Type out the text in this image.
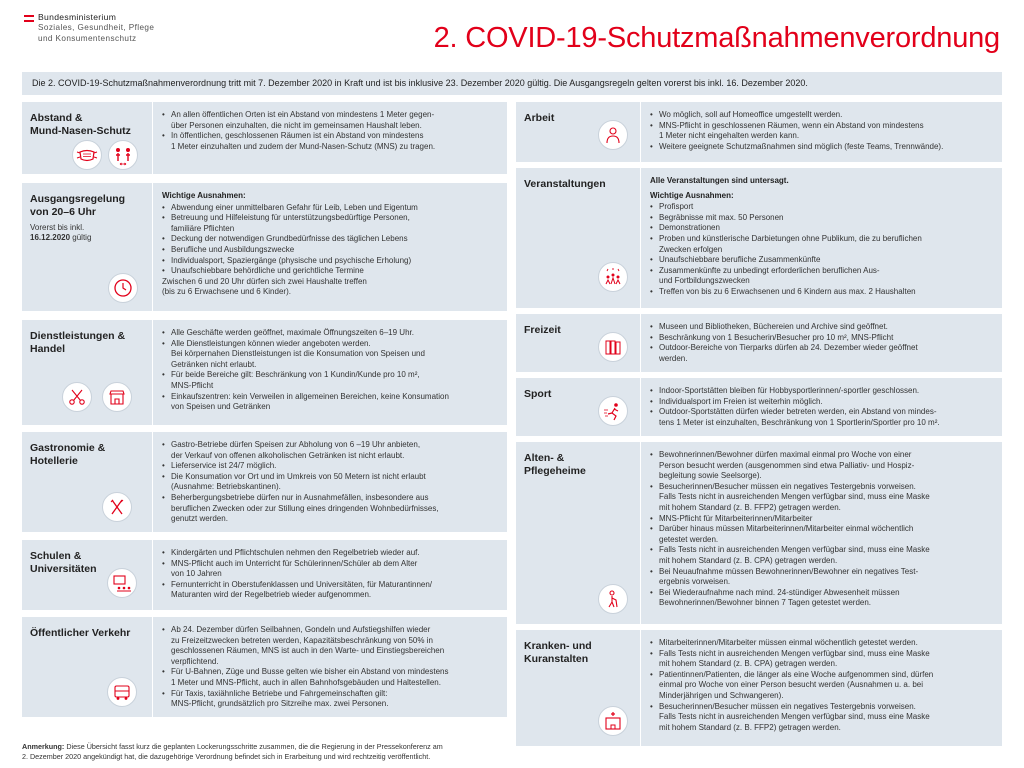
Bundesministerium
Soziales, Gesundheit, Pflege
und Konsumentenschutz	2. COVID-19-Schutzmaßnahmenverordnung
Die 2. COVID-19-Schutzmaßnahmenverordnung tritt mit 7. Dezember 2020 in Kraft und ist bis inklusive 23. Dezember 2020 gültig. Die Ausgangsregeln gelten vorerst bis inkl. 16. Dezember 2020.
Abstand &
Mund-Nasen-Schutz
• An allen öffentlichen Orten ist ein Abstand von mindestens 1 Meter gegen-
über Personen einzuhalten, die nicht im gemeinsamen Haushalt leben.
• In öffentlichen, geschlossenen Räumen ist ein Abstand von mindestens
1 Meter einzuhalten und zudem der Mund-Nasen-Schutz (MNS) zu tragen.
Ausgangsregelung
von 20–6 Uhr
Vorerst bis inkl.
16.12.2020 gültig
Wichtige Ausnahmen:
• Abwendung einer unmittelbaren Gefahr für Leib, Leben und Eigentum
• Betreuung und Hilfeleistung für unterstützungsbedürftige Personen,
familiäre Pflichten
• Deckung der notwendigen Grundbedürfnisse des täglichen Lebens
• Berufliche und Ausbildungszwecke
• Individualsport, Spaziergänge (physische und psychische Erholung)
• Unaufschiebbare behördliche und gerichtliche Termine
Zwischen 6 und 20 Uhr dürfen sich zwei Haushalte treffen
(bis zu 6 Erwachsene und 6 Kinder).
Dienstleistungen &
Handel
• Alle Geschäfte werden geöffnet, maximale Öffnungszeiten 6–19 Uhr.
• Alle Dienstleistungen können wieder angeboten werden.
Bei körpernahen Dienstleistungen ist die Konsumation von Speisen und
Getränken nicht erlaubt.
• Für beide Bereiche gilt: Beschränkung von 1 Kundin/Kunde pro 10 m²,
MNS-Pflicht
• Einkaufszentren: kein Verweilen in allgemeinen Bereichen, keine Konsumation
von Speisen und Getränken
Gastronomie &
Hotellerie
• Gastro-Betriebe dürfen Speisen zur Abholung von 6 –19 Uhr anbieten,
der Verkauf von offenen alkoholischen Getränken ist nicht erlaubt.
• Lieferservice ist 24/7 möglich.
• Die Konsumation vor Ort und im Umkreis von 50 Metern ist nicht erlaubt
(Ausnahme: Betriebskantinen).
• Beherbergungsbetriebe dürfen nur in Ausnahmefällen, insbesondere aus
beruflichen Zwecken oder zur Stillung eines dringenden Wohnbedürfnisses,
genutzt werden.
Schulen &
Universitäten
• Kindergärten und Pflichtschulen nehmen den Regelbetrieb wieder auf.
• MNS-Pflicht auch im Unterricht für Schülerinnen/Schüler ab dem Alter
von 10 Jahren
• Fernunterricht in Oberstufenklassen und Universitäten, für Maturantinnen/
Maturanten wird der Regelbetrieb wieder aufgenommen.
Öffentlicher Verkehr	• Ab 24. Dezember dürfen Seilbahnen, Gondeln und Aufstiegshilfen wieder
zu Freizeitzwecken betreten werden, Kapazitätsbeschränkung von 50% in
geschlossenen Räumen, MNS ist auch in den Warte- und Einstiegsbereichen
verpflichtend.
• Für U-Bahnen, Züge und Busse gelten wie bisher ein Abstand von mindestens
1 Meter und MNS-Pflicht, auch in allen Bahnhofsgebäuden und Haltestellen.
• Für Taxis, taxiähnliche Betriebe und Fahrgemeinschaften gilt:
MNS-Pflicht, grundsätzlich pro Sitzreihe max. zwei Personen.
Arbeit	• Wo möglich, soll auf Homeoffice umgestellt werden.
• MNS-Pflicht in geschlossenen Räumen, wenn ein Abstand von mindestens
1 Meter nicht eingehalten werden kann.
• Weitere geeignete Schutzmaßnahmen sind möglich (feste Teams, Trennwände).
Veranstaltungen	Alle Veranstaltungen sind untersagt.
Wichtige Ausnahmen:
• Profisport
• Begräbnisse mit max. 50 Personen
• Demonstrationen
• Proben und künstlerische Darbietungen ohne Publikum, die zu beruflichen
Zwecken erfolgen
• Unaufschiebbare berufliche Zusammenkünfte
• Zusammenkünfte zu unbedingt erforderlichen beruflichen Aus-
und Fortbildungszwecken
• Treffen von bis zu 6 Erwachsenen und 6 Kindern aus max. 2 Haushalten
Freizeit	• Museen und Bibliotheken, Büchereien und Archive sind geöffnet.
• Beschränkung von 1 Besucherin/Besucher pro 10 m², MNS-Pflicht
• Outdoor-Bereiche von Tierparks dürfen ab 24. Dezember wieder geöffnet
werden.
Sport	• Indoor-Sportstätten bleiben für Hobbysportlerinnen/-sportler geschlossen.
• Individualsport im Freien ist weiterhin möglich.
• Outdoor-Sportstätten dürfen wieder betreten werden, ein Abstand von mindes-
tens 1 Meter ist einzuhalten, Beschränkung von 1 Sportlerin/Sportler pro 10 m².
Alten- &
Pflegeheime
• Bewohnerinnen/Bewohner dürfen maximal einmal pro Woche von einer
Person besucht werden (ausgenommen sind etwa Palliativ- und Hospiz-
begleitung sowie Seelsorge).
• Besucherinnen/Besucher müssen ein negatives Testergebnis vorweisen.
Falls Tests nicht in ausreichenden Mengen verfügbar sind, muss eine Maske
mit hohem Standard (z. B. FFP2) getragen werden.
• MNS-Pflicht für Mitarbeiterinnen/Mitarbeiter
• Darüber hinaus müssen Mitarbeiterinnen/Mitarbeiter einmal wöchentlich
getestet werden.
• Falls Tests nicht in ausreichenden Mengen verfügbar sind, muss eine Maske
mit hohem Standard (z. B. CPA) getragen werden.
• Bei Neuaufnahme müssen Bewohnerinnen/Bewohner ein negatives Test-
ergebnis vorweisen.
• Bei Wiederaufnahme nach mind. 24-stündiger Abwesenheit müssen
Bewohnerinnen/Bewohner binnen 7 Tagen getestet werden.
Kranken- und
Kuranstalten
• Mitarbeiterinnen/Mitarbeiter müssen einmal wöchentlich getestet werden.
• Falls Tests nicht in ausreichenden Mengen verfügbar sind, muss eine Maske
mit hohem Standard (z. B. CPA) getragen werden.
• Patientinnen/Patienten, die länger als eine Woche aufgenommen sind, dürfen
einmal pro Woche von einer Person besucht werden (Ausnahmen u. a. bei
Minderjährigen und Schwangeren).
• Besucherinnen/Besucher müssen ein negatives Testergebnis vorweisen.
Falls Tests nicht in ausreichenden Mengen verfügbar sind, muss eine Maske
mit hohem Standard (z. B. FFP2) getragen werden.
Anmerkung: Diese Übersicht fasst kurz die geplanten Lockerungsschritte zusammen, die die Regierung in der Pressekonferenz am
2. Dezember 2020 angekündigt hat, die dazugehörige Verordnung befindet sich in Erarbeitung und wird rechtzeitig veröffentlicht.
